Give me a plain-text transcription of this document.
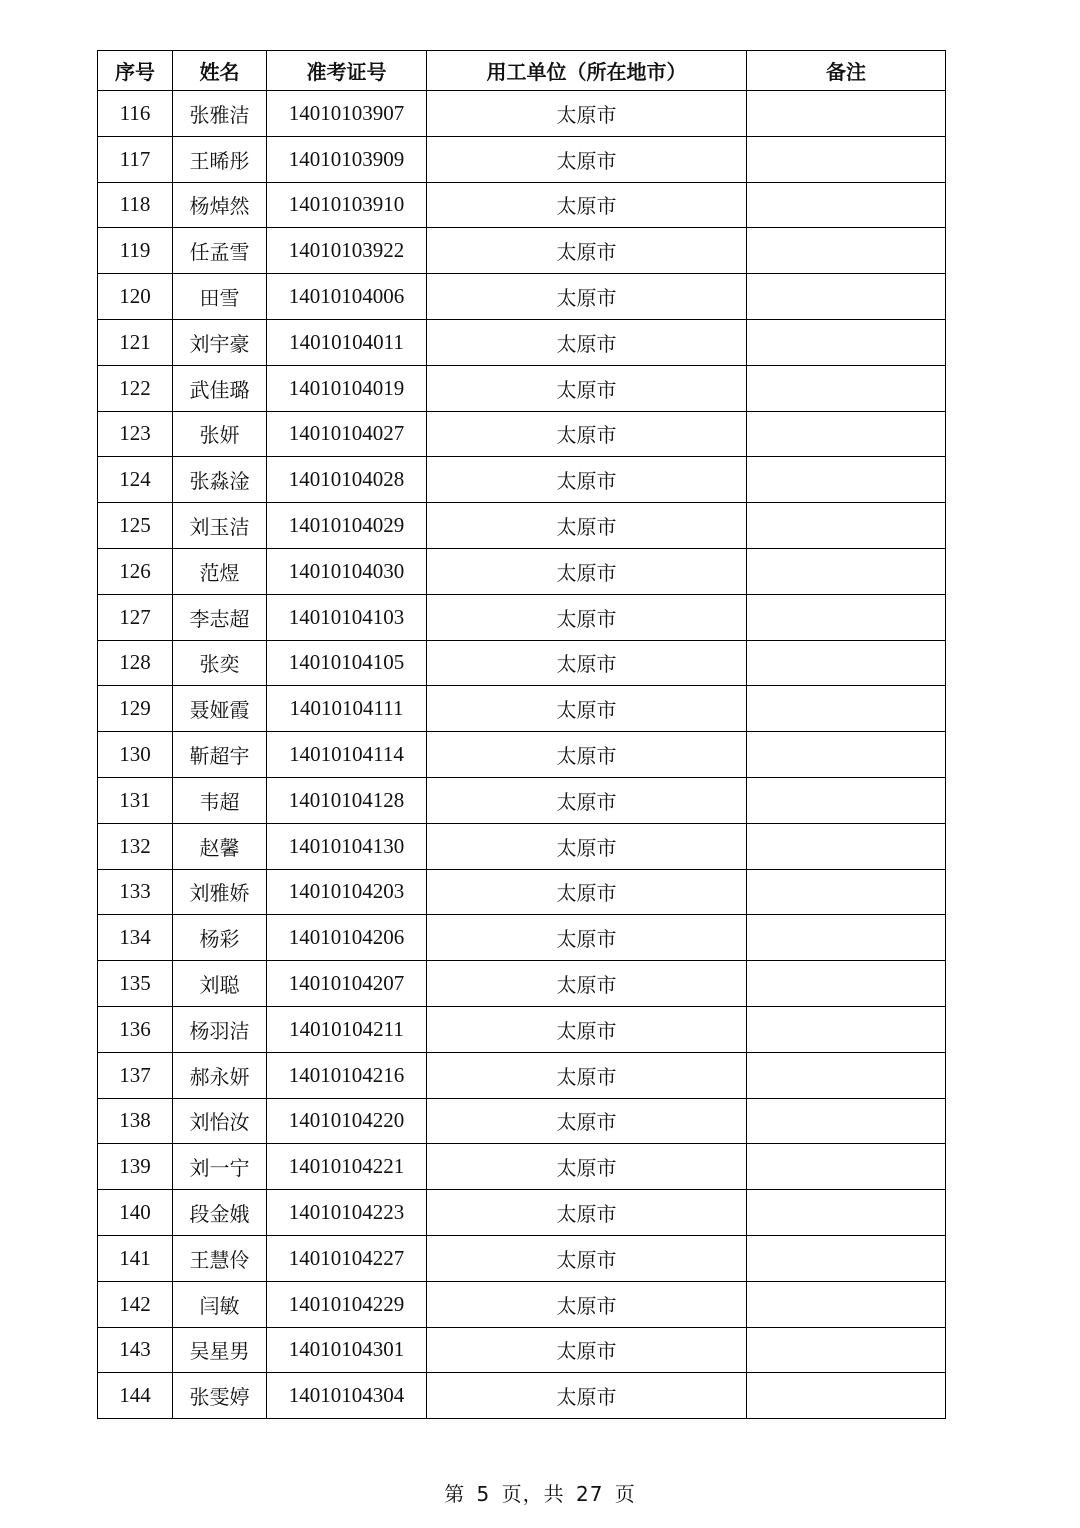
序号	姓名	准考证号	用工单位（所在地市）	备注
116	张雅洁	14010103907	太原市	
117	王晞彤	14010103909	太原市	
118	杨焯然	14010103910	太原市	
119	任孟雪	14010103922	太原市	
120	田雪	14010104006	太原市	
121	刘宇豪	14010104011	太原市	
122	武佳璐	14010104019	太原市	
123	张妍	14010104027	太原市	
124	张淼淦	14010104028	太原市	
125	刘玉洁	14010104029	太原市	
126	范煜	14010104030	太原市	
127	李志超	14010104103	太原市	
128	张奕	14010104105	太原市	
129	聂娅霞	14010104111	太原市	
130	靳超宇	14010104114	太原市	
131	韦超	14010104128	太原市	
132	赵馨	14010104130	太原市	
133	刘雅娇	14010104203	太原市	
134	杨彩	14010104206	太原市	
135	刘聪	14010104207	太原市	
136	杨羽洁	14010104211	太原市	
137	郝永妍	14010104216	太原市	
138	刘怡汝	14010104220	太原市	
139	刘一宁	14010104221	太原市	
140	段金娥	14010104223	太原市	
141	王慧伶	14010104227	太原市	
142	闫敏	14010104229	太原市	
143	吴星男	14010104301	太原市	
144	张雯婷	14010104304	太原市	
第 5 页，共 27 页
